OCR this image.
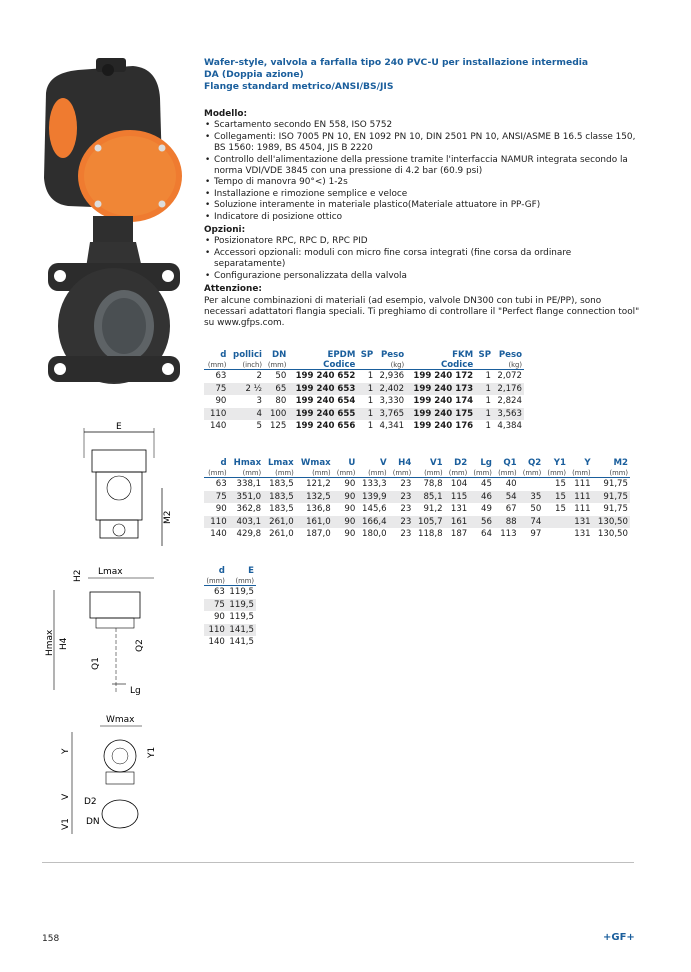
E
M2
Lmax
H2
Hmax H4
Q1
Q2
Lg
Wmax
Y	Y1
V
V1
D2
DN
Wafer-style, valvola a farfalla tipo 240 PVC-U per installazione intermedia
DA (Doppia azione)
Flange standard metrico/ANSI/BS/JIS
Modello:
• Scartamento secondo EN 558, ISO 5752
• Collegamenti: ISO 7005 PN 10, EN 1092 PN 10, DIN 2501 PN 10, ANSI/ASME B 16.5 classe 150, BS 1560: 1989, BS 4504, JIS B 2220
• Controllo dell'alimentazione della pressione tramite l'interfaccia NAMUR integrata secondo la norma VDI/VDE 3845 con una pressione di 4.2 bar (60.9 psi)
• Tempo di manovra 90°<) 1-2s
• Installazione e rimozione semplice e veloce
• Soluzione interamente in materiale plastico(Materiale attuatore in PP-GF)
• Indicatore di posizione ottico
Opzioni:
• Posizionatore RPC, RPC D, RPC PID
• Accessori opzionali: moduli con micro fine corsa integrati (fine corsa da ordinare separatamente)
• Configurazione personalizzata della valvola
Attenzione:
Per alcune combinazioni di materiali (ad esempio, valvole DN300 con tubi in PE/PP), sono necessari adattatori flangia speciali. Ti preghiamo di controllare il "Perfect flange connection tool" su www.gfps.com.
d	pollici	DN	EPDM	SP	Peso	FKM	SP	Peso
(mm)	(inch)	(mm)	Codice		(kg)	Codice		(kg)
63	2	50	199 240 652	1	2,936	199 240 172	1	2,072
75	2 ½	65	199 240 653	1	2,402	199 240 173	1	2,176
90	3	80	199 240 654	1	3,330	199 240 174	1	2,824
110	4	100	199 240 655	1	3,765	199 240 175	1	3,563
140	5	125	199 240 656	1	4,341	199 240 176	1	4,384
d	Hmax	Lmax	Wmax	U	V	H4	V1	D2	Lg	Q1	Q2	Y1	Y	M2
(mm)	(mm)	(mm)	(mm)	(mm)	(mm)	(mm)	(mm)	(mm)	(mm)	(mm)	(mm)	(mm)	(mm)	(mm)
63	338,1	183,5	121,2	90	133,3	23	78,8	104	45	40		15	111	91,75
75	351,0	183,5	132,5	90	139,9	23	85,1	115	46	54	35	15	111	91,75
90	362,8	183,5	136,8	90	145,6	23	91,2	131	49	67	50	15	111	91,75
110	403,1	261,0	161,0	90	166,4	23	105,7	161	56	88	74		131	130,50
140	429,8	261,0	187,0	90	180,0	23	118,8	187	64	113	97		131	130,50
d	E
(mm)	(mm)
63	119,5
75	119,5
90	119,5
110	141,5
140	141,5
158	+GF+
